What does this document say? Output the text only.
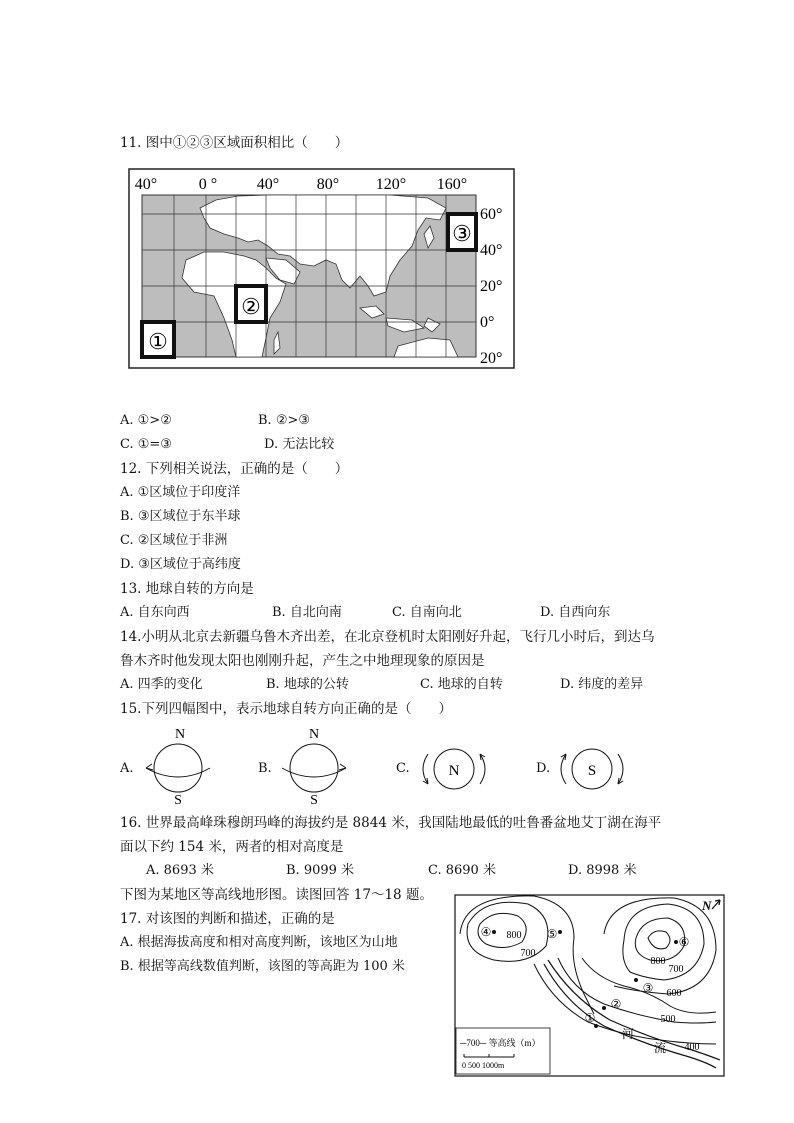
11. 图中①②③区域面积相比（　　）
①
②
③
40°	0 ° 40° 80° 120° 160°
60°
40°
20°
0°
20°
A. ①>②	B. ②>③
C. ①=③	D. 无法比较
12. 下列相关说法，正确的是（　　）
A. ①区域位于印度洋
B. ③区域位于东半球
C. ②区域位于非洲
D. ③区域位于高纬度
13. 地球自转的方向是
A. 自东向西	B. 自北向南	C. 自南向北	D. 自西向东
14.小明从北京去新疆乌鲁木齐出差，在北京登机时太阳刚好升起，飞行几小时后，到达乌
鲁木齐时他发现太阳也刚刚升起，产生之中地理现象的原因是
A. 四季的变化	B. 地球的公转	C. 地球的自转	D. 纬度的差异
15.下列四幅图中，表示地球自转方向正确的是（　　）
A.
N
S
B.
N
S
C.	N	D.	S
16. 世界最高峰珠穆朗玛峰的海拔约是 8844 米，我国陆地最低的吐鲁番盆地艾丁湖在海平
面以下约 154 米，两者的相对高度是
A. 8693 米	B. 9099 米	C. 8690 米	D. 8998 米
下图为某地区等高线地形图。读图回答 17～18 题。
17. 对该图的判断和描述，正确的是
A. 根据海拔高度和相对高度判断，该地区为山地
B. 根据等高线数值判断，该图的等高距为 100 米
N
④	⑤
⑥
③
②
①
800
700
800
700
600
500
400
河
流
─700─ 等高线（m）
0 500 1000m
